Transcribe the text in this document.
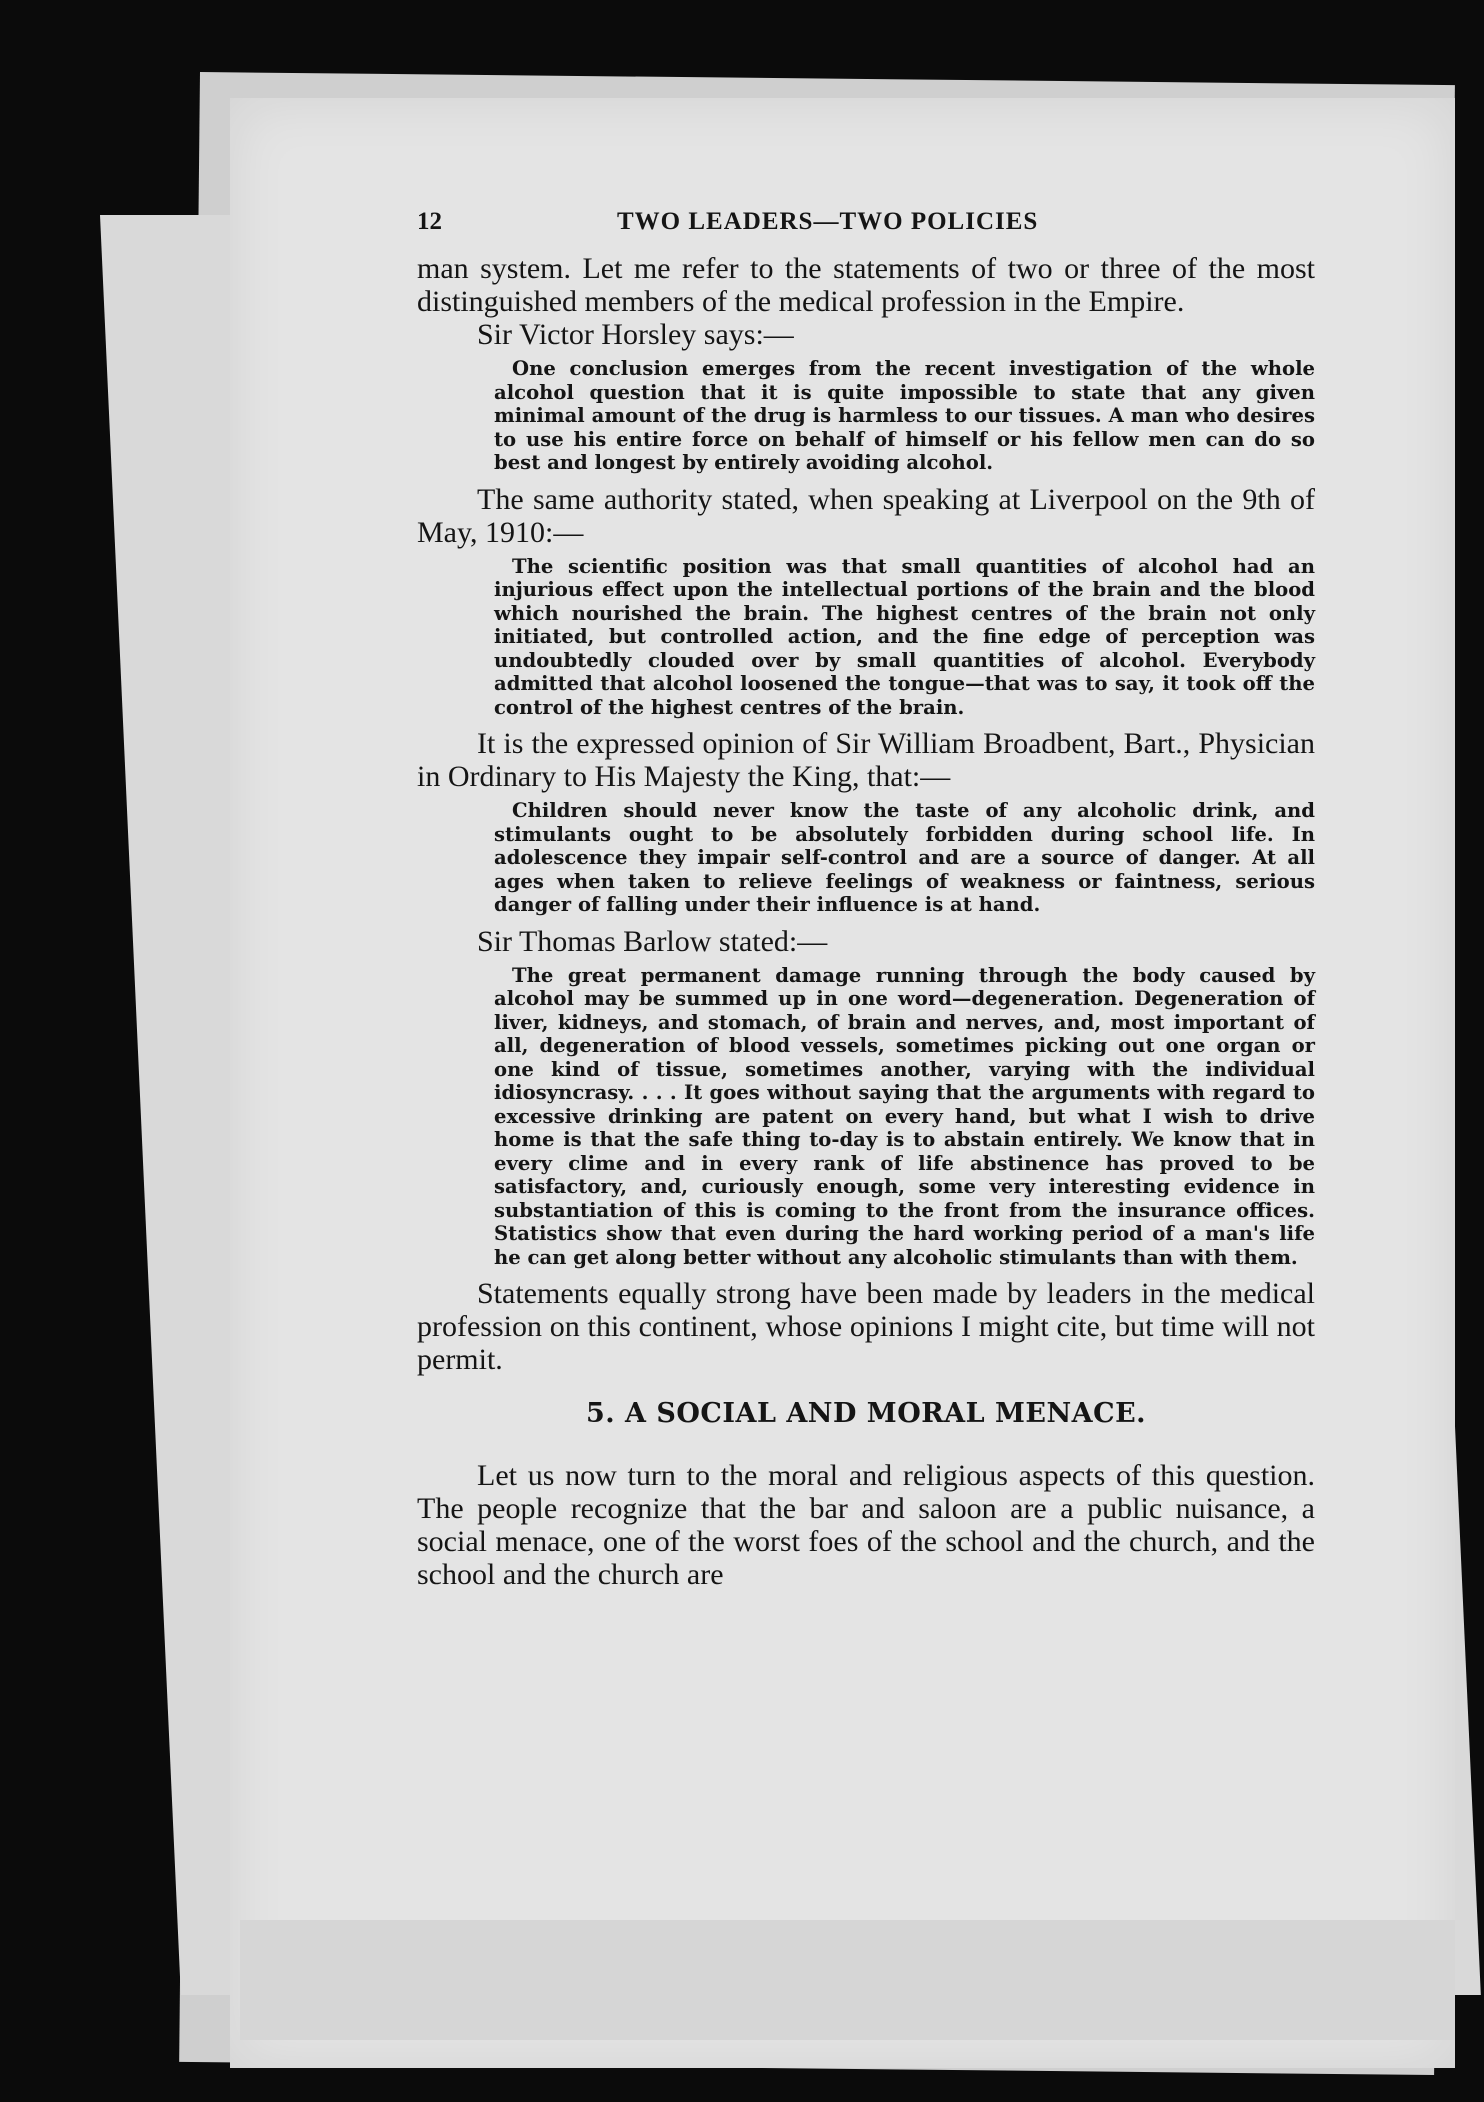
12	TWO LEADERS—TWO POLICIES

man system. Let me refer to the statements of two or three of the most distinguished members of the medical profession in the Empire.

Sir Victor Horsley says:—

One conclusion emerges from the recent investigation of the whole alcohol question that it is quite impossible to state that any given minimal amount of the drug is harmless to our tissues. A man who desires to use his entire force on behalf of himself or his fellow men can do so best and longest by entirely avoiding alcohol.

The same authority stated, when speaking at Liverpool on the 9th of May, 1910:—

The scientific position was that small quantities of alcohol had an injurious effect upon the intellectual portions of the brain and the blood which nourished the brain. The highest centres of the brain not only initiated, but controlled action, and the fine edge of perception was undoubtedly clouded over by small quantities of alcohol. Everybody admitted that alcohol loosened the tongue—that was to say, it took off the control of the highest centres of the brain.

It is the expressed opinion of Sir William Broadbent, Bart., Physician in Ordinary to His Majesty the King, that:—

Children should never know the taste of any alcoholic drink, and stimulants ought to be absolutely forbidden during school life. In adolescence they impair self-control and are a source of danger. At all ages when taken to relieve feelings of weakness or faintness, serious danger of falling under their influence is at hand.

Sir Thomas Barlow stated:—

The great permanent damage running through the body caused by alcohol may be summed up in one word—degeneration. Degeneration of liver, kidneys, and stomach, of brain and nerves, and, most important of all, degeneration of blood vessels, sometimes picking out one organ or one kind of tissue, sometimes another, varying with the individual idiosyncrasy. . . . It goes without saying that the arguments with regard to excessive drinking are patent on every hand, but what I wish to drive home is that the safe thing to-day is to abstain entirely. We know that in every clime and in every rank of life abstinence has proved to be satisfactory, and, curiously enough, some very interesting evidence in substantiation of this is coming to the front from the insurance offices. Statistics show that even during the hard working period of a man's life he can get along better without any alcoholic stimulants than with them.

Statements equally strong have been made by leaders in the medical profession on this continent, whose opinions I might cite, but time will not permit.

5. A SOCIAL AND MORAL MENACE.

Let us now turn to the moral and religious aspects of this question. The people recognize that the bar and saloon are a public nuisance, a social menace, one of the worst foes of the school and the church, and the school and the church are
